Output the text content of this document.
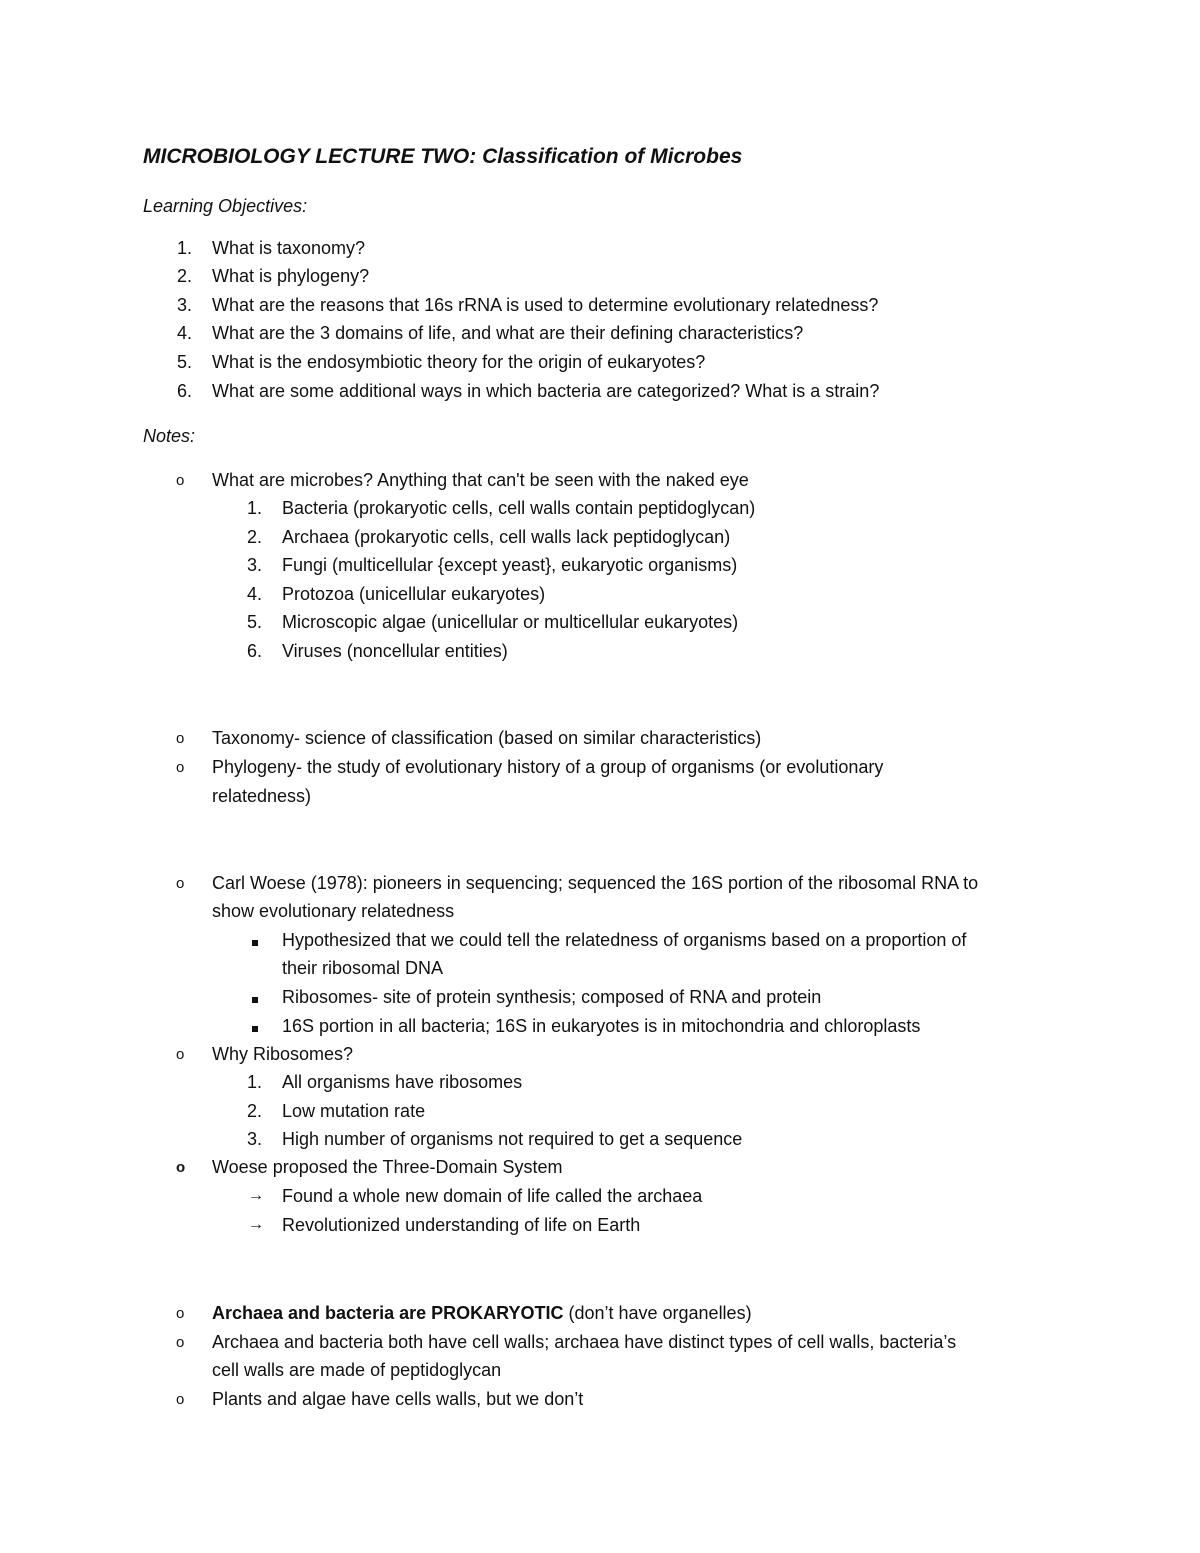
MICROBIOLOGY LECTURE TWO: Classification of Microbes
Learning Objectives:
1. What is taxonomy?
2. What is phylogeny?
3. What are the reasons that 16s rRNA is used to determine evolutionary relatedness?
4. What are the 3 domains of life, and what are their defining characteristics?
5. What is the endosymbiotic theory for the origin of eukaryotes?
6. What are some additional ways in which bacteria are categorized? What is a strain?
Notes:
o What are microbes? Anything that can't be seen with the naked eye
1. Bacteria (prokaryotic cells, cell walls contain peptidoglycan)
2. Archaea (prokaryotic cells, cell walls lack peptidoglycan)
3. Fungi (multicellular {except yeast}, eukaryotic organisms)
4. Protozoa (unicellular eukaryotes)
5. Microscopic algae (unicellular or multicellular eukaryotes)
6. Viruses (noncellular entities)
o Taxonomy- science of classification (based on similar characteristics)
o Phylogeny- the study of evolutionary history of a group of organisms (or evolutionary
relatedness)
o Carl Woese (1978): pioneers in sequencing; sequenced the 16S portion of the ribosomal RNA to
show evolutionary relatedness
Hypothesized that we could tell the relatedness of organisms based on a proportion of
their ribosomal DNA
Ribosomes- site of protein synthesis; composed of RNA and protein
16S portion in all bacteria; 16S in eukaryotes is in mitochondria and chloroplasts
o Why Ribosomes?
1. All organisms have ribosomes
2. Low mutation rate
3. High number of organisms not required to get a sequence
o Woese proposed the Three-Domain System
→ Found a whole new domain of life called the archaea
→ Revolutionized understanding of life on Earth
o Archaea and bacteria are PROKARYOTIC (don’t have organelles)
o Archaea and bacteria both have cell walls; archaea have distinct types of cell walls, bacteria’s
cell walls are made of peptidoglycan
o Plants and algae have cells walls, but we don’t
